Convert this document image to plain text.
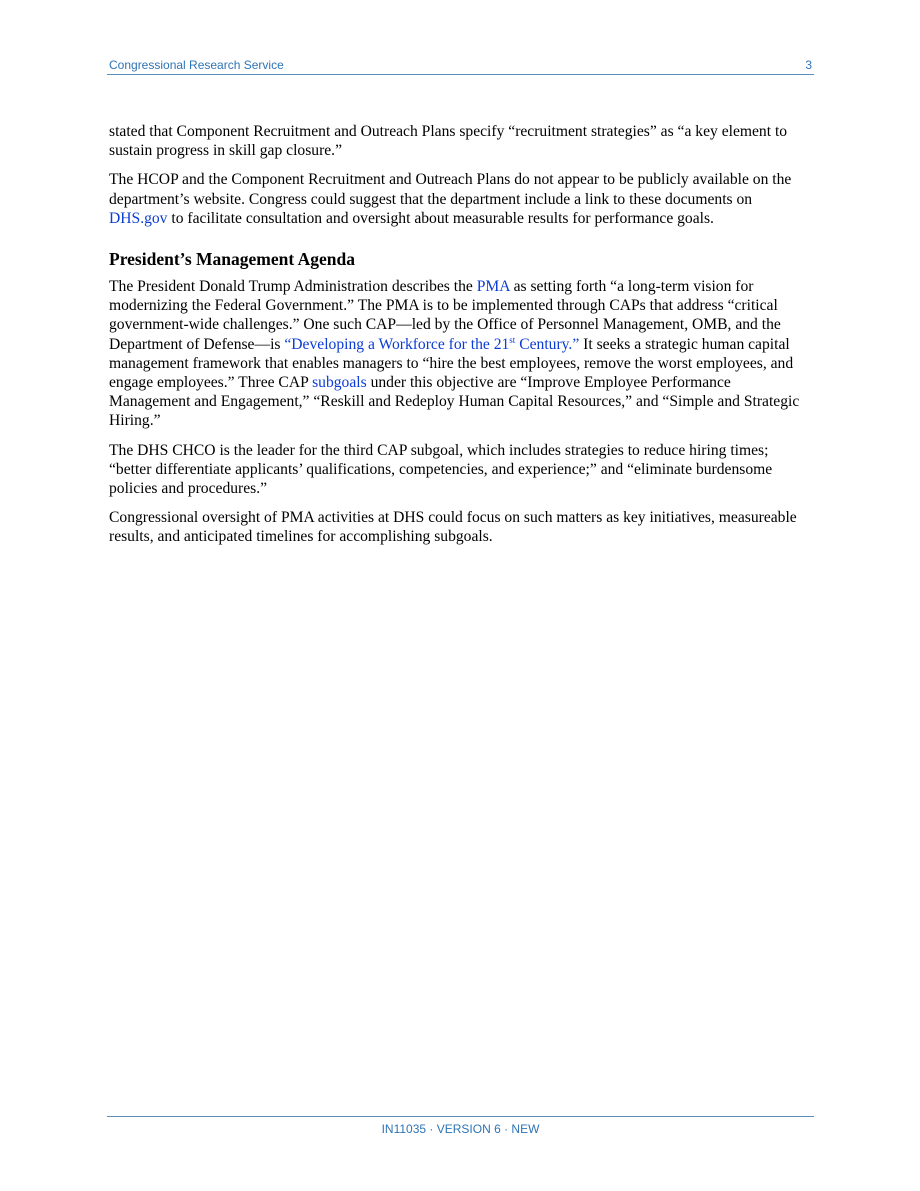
Congressional Research Service	3

stated that Component Recruitment and Outreach Plans specify “recruitment strategies” as “a key element to sustain progress in skill gap closure.”

The HCOP and the Component Recruitment and Outreach Plans do not appear to be publicly available on the department’s website. Congress could suggest that the department include a link to these documents on DHS.gov to facilitate consultation and oversight about measurable results for performance goals.

President’s Management Agenda

The President Donald Trump Administration describes the PMA as setting forth “a long-term vision for modernizing the Federal Government.” The PMA is to be implemented through CAPs that address “critical government-wide challenges.” One such CAP—led by the Office of Personnel Management, OMB, and the Department of Defense—is “Developing a Workforce for the 21st Century.” It seeks a strategic human capital management framework that enables managers to “hire the best employees, remove the worst employees, and engage employees.” Three CAP subgoals under this objective are “Improve Employee Performance Management and Engagement,” “Reskill and Redeploy Human Capital Resources,” and “Simple and Strategic Hiring.”

The DHS CHCO is the leader for the third CAP subgoal, which includes strategies to reduce hiring times; “better differentiate applicants’ qualifications, competencies, and experience;” and “eliminate burdensome policies and procedures.”

Congressional oversight of PMA activities at DHS could focus on such matters as key initiatives, measureable results, and anticipated timelines for accomplishing subgoals.

IN11035 · VERSION 6 · NEW
